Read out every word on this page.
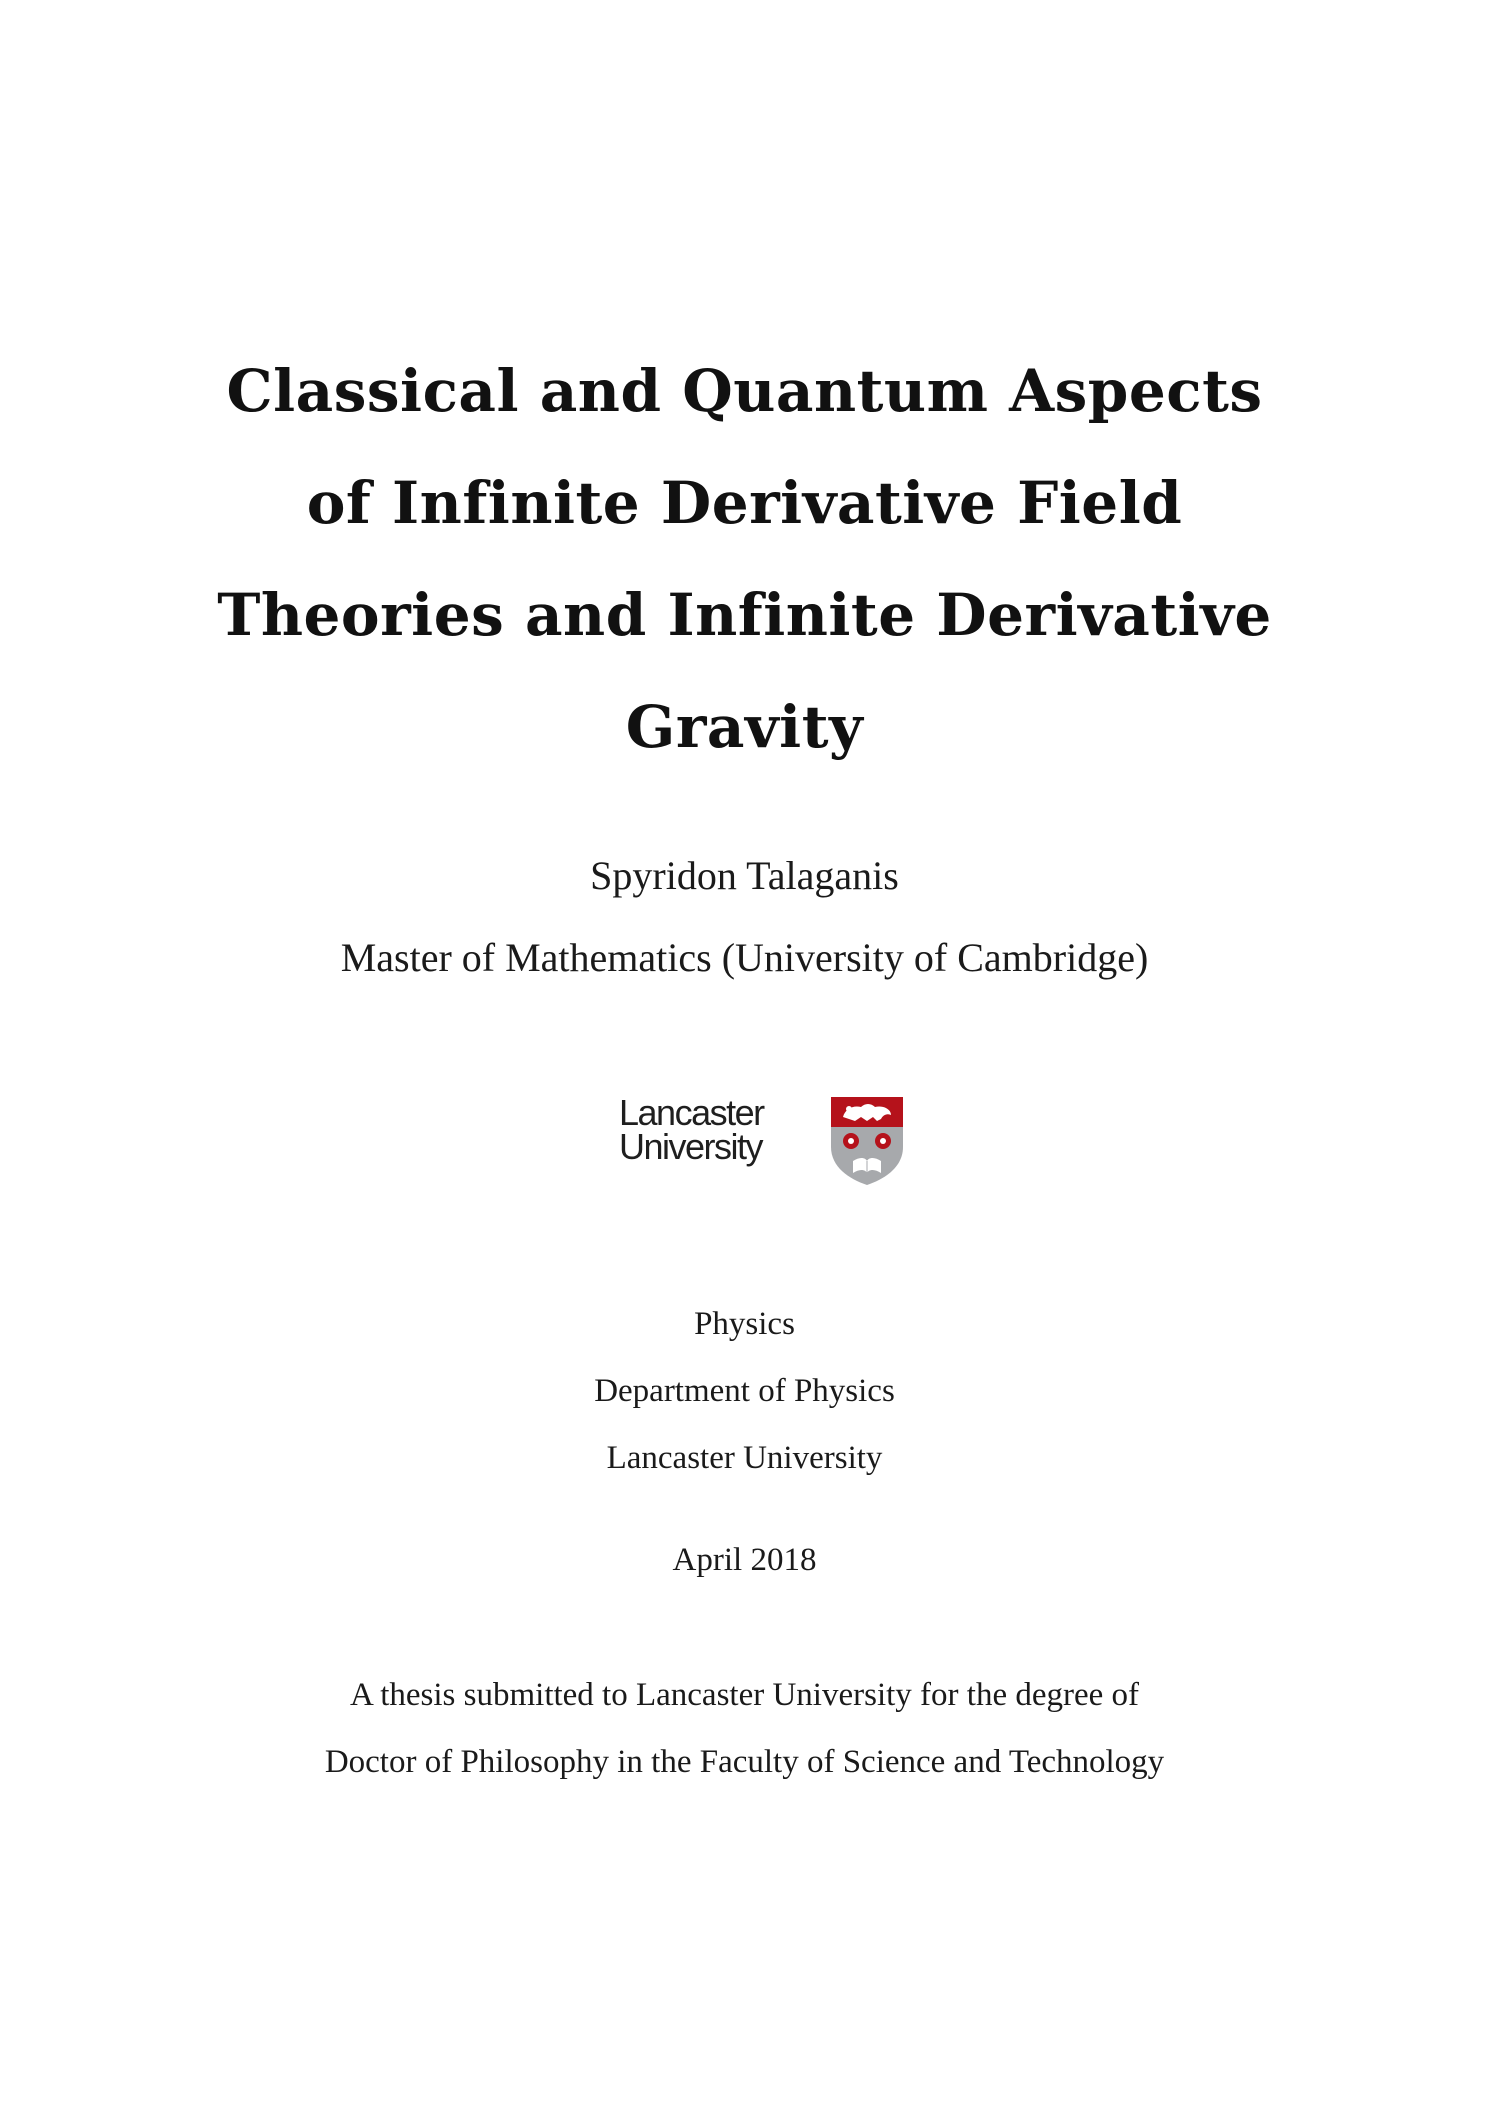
Classical and Quantum Aspects
of Infinite Derivative Field
Theories and Infinite Derivative
Gravity
Spyridon Talaganis
Master of Mathematics (University of Cambridge)
Lancaster
University
Physics
Department of Physics
Lancaster University
April 2018
A thesis submitted to Lancaster University for the degree of
Doctor of Philosophy in the Faculty of Science and Technology
